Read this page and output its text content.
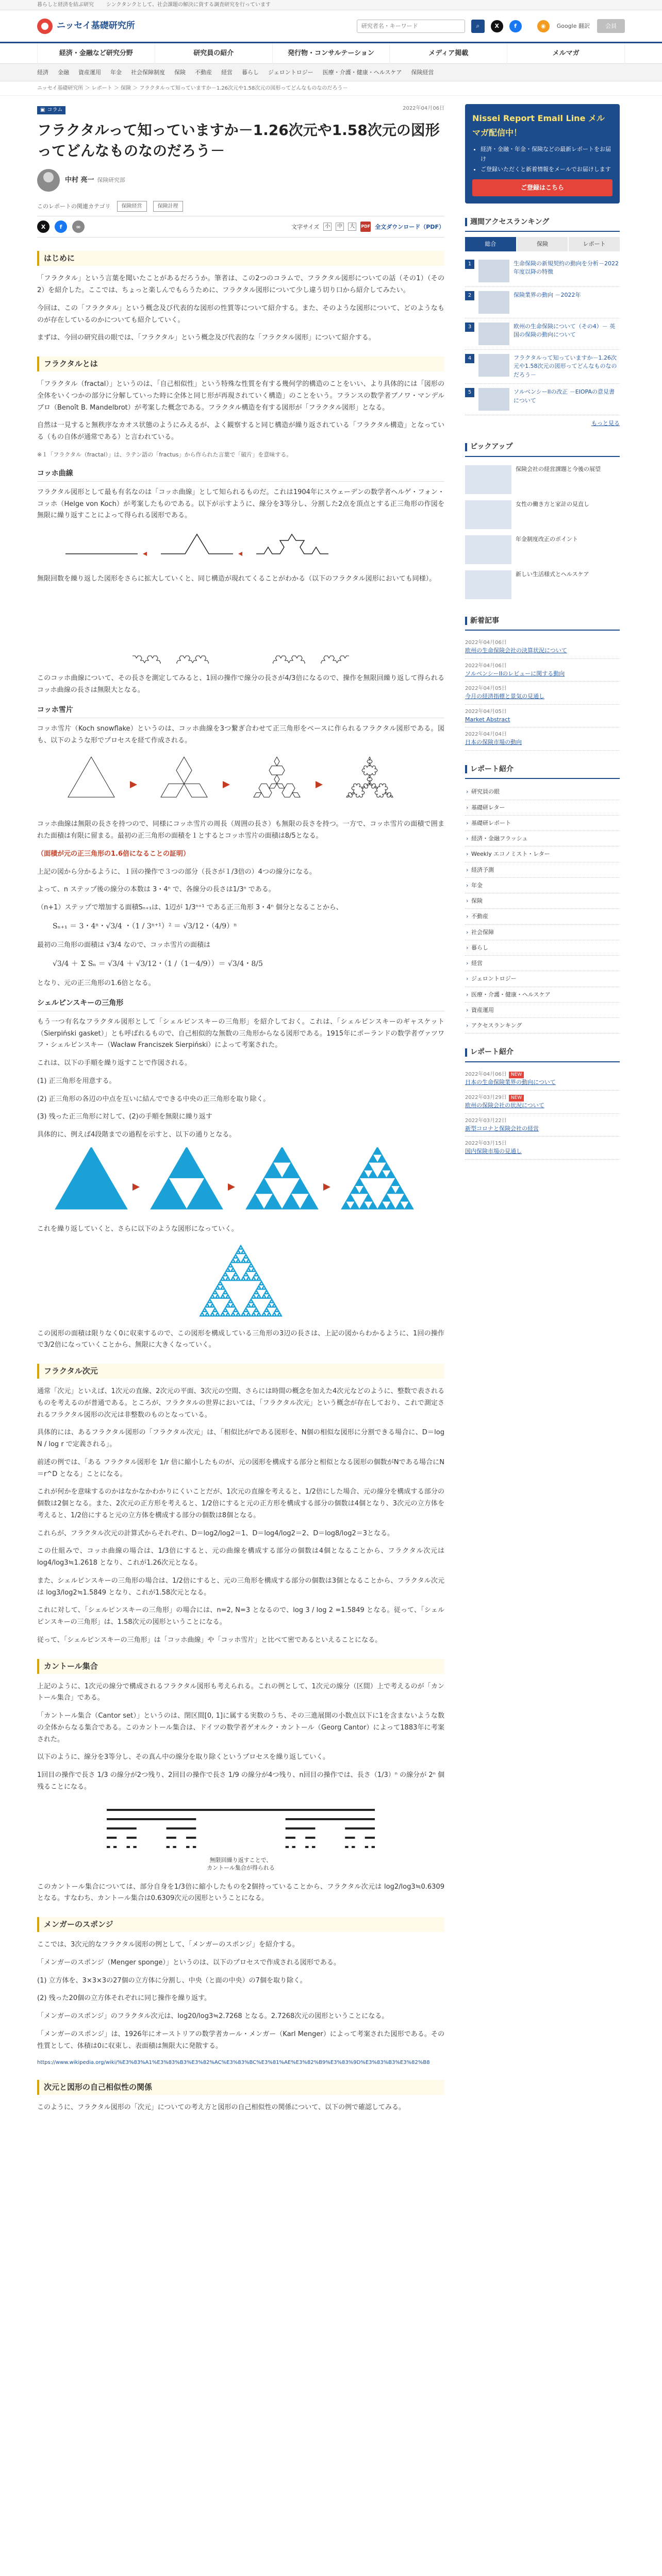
暮らしと経済を結ぶ研究 シンクタンクとして、社会課題の解決に資する調査研究を行っています
ニッセイ基礎研究所
研究者名・キーワード	⌕	X	f	◉	Google 翻訳	会員
経済・金融など研究分野	研究員の紹介	発行物・コンサルテーション	メディア掲載	メルマガ
経済 金融 資産運用 年金 社会保障制度 保険 不動産 経営 暮らし ジェロントロジー 医療・介護・健康・ヘルスケア 保険経営
ニッセイ基礎研究所 ＞ レポート ＞ 保険 ＞ フラクタルって知っていますか－1.26次元や1.58次元の図形ってどんなものなのだろう－
▣ コラム	2022年04月06日
フラクタルって知っていますか－1.26次元や1.58次元の図形ってどんなものなのだろう－
中村 亮一 保険研究部
このレポートの関連カテゴリ	保険経営	保険計理
X	f	∞	文字サイズ	小	中	大	PDF 全文ダウンロード（PDF）
はじめに

「フラクタル」という言葉を聞いたことがあるだろうか。筆者は、この2つのコラムで、フラクタル図形についての話（その1）（その2）を紹介した。ここでは、ちょっと楽しんでもらうために、フラクタル図形について少し違う切り口から紹介してみたい。

今回は、この「フラクタル」という概念及び代表的な図形の性質等について紹介する。また、そのような図形について、どのようなものが存在しているのかについても紹介していく。

まずは、今回の研究員の眼では、「フラクタル」という概念及び代表的な「フラクタル図形」について紹介する。

フラクタルとは

「フラクタル（fractal）」というのは、「自己相似性」という特殊な性質を有する幾何学的構造のことをいい、より具体的には「図形の全体をいくつかの部分に分解していった時に全体と同じ形が再現されていく構造」のことをいう。フランスの数学者ブノワ・マンデルブロ（Benoît B. Mandelbrot）が考案した概念である。フラクタル構造を有する図形が「フラクタル図形」となる。

自然は一見すると無秩序なカオス状態のようにみえるが、よく観察すると同じ構造が繰り返されている「フラクタル構造」となっている（もの自体が通常である）と言われている。

※１「フラクタル（fractal）」は、ラテン語の「fractus」から作られた言葉で「破片」を意味する。

コッホ曲線

フラクタル図形として最も有名なのは「コッホ曲線」として知られるものだ。これは1904年にスウェーデンの数学者ヘルゲ・フォン・コッホ（Helge von Koch）が考案したものである。以下が示すように、線分を3等分し、分割した2点を頂点とする正三角形の作図を無限に繰り返すことによって得られる図形である。

無限回数を繰り返した図形をさらに拡大していくと、同じ構造が現れてくることがわかる（以下のフラクタル図形においても同様）。

このコッホ曲線について、その長さを測定してみると、1回の操作で線分の長さが4/3倍になるので、操作を無限回繰り返して得られるコッホ曲線の長さは無限大となる。

コッホ雪片

コッホ雪片（Koch snowflake）というのは、コッホ曲線を3つ繋ぎ合わせて正三角形をベースに作られるフラクタル図形である。図も、以下のような形でプロセスを経て作成される。

コッホ曲線は無限の長さを持つので、同様にコッホ雪片の周長（周囲の長さ）も無限の長さを持つ。一方で、コッホ雪片の面積で囲まれた面積は有限に留まる。最初の正三角形の面積を１とするとコッホ雪片の面積は8/5となる。

（面積が元の正三角形の1.6倍になることの証明）

上記の図から分かるように、１回の操作で３つの部分（長さが１/3倍の）4つの線分になる。

よって、n ステップ後の線分の本数は 3・4ⁿ で、各線分の長さは1/3ⁿ である。

（n+1）ステップで増加する面積Sₙ₊₁は、1辺が 1/3ⁿ⁺¹ である正三角形 3・4ⁿ 個分となることから、

Sₙ₊₁ ＝ 3・4ⁿ・√3/4 ・（1 / 3ⁿ⁺¹）² ＝ √3/12・（4/9）ⁿ

最初の三角形の面積は √3/4 なので、コッホ雪片の面積は

√3/4 ＋ Σ Sₙ ＝ √3/4 ＋ √3/12・（1 /（1－4/9））＝ √3/4・8/5

となり、元の正三角形の1.6倍となる。

シェルピンスキーの三角形

もう一つ有名なフラクタル図形として「シェルピンスキーの三角形」を紹介しておく。これは、「シェルピンスキーのギャスケット（Sierpiński gasket）」とも呼ばれるもので、自己相似的な無数の三角形からなる図形である。1915年にポーランドの数学者ヴァツワフ・シェルピンスキー（Wacław Franciszek Sierpiński）によって考案された。

これは、以下の手順を繰り返すことで作図される。

(1) 正三角形を用意する。

(2) 正三角形の各辺の中点を互いに結んでできる中央の正三角形を取り除く。

(3) 残った正三角形に対して、(2)の手順を無限に繰り返す

具体的に、例えば4段階までの過程を示すと、以下の通りとなる。

これを繰り返していくと、さらに以下のような図形になっていく。

この図形の面積は限りなく0に収束するので、この図形を構成している三角形の3辺の長さは、上記の図からわかるように、1回の操作で3/2倍になっていくことから、無限に大きくなっていく。

フラクタル次元

通常「次元」といえば、1次元の直線、2次元の平面、3次元の空間、さらには時間の概念を加えた4次元などのように、整数で表されるものを考えるのが普通である。ところが、フラクタルの世界においては、「フラクタル次元」という概念が存在しており、これで測定されるフラクタル図形の次元は非整数のものとなっている。

具体的には、あるフラクタル図形の「フラクタル次元」は、「相似比がrである図形を、N個の相似な図形に分割できる場合に、D＝log N / log r で定義される」。

前述の例では、「ある フラクタル図形を 1/r 倍に縮小したものが、元の図形を構成する部分と相似となる図形の個数がNである場合にN＝r^D となる」ことになる。

これが何かを意味するのかはなかなかわかりにくいことだが、1次元の直線を考えると、1/2倍にした場合、元の線分を構成する部分の個数は2個となる。また、2次元の正方形を考えると、1/2倍にすると元の正方形を構成する部分の個数は4個となり、3次元の立方体を考えると、1/2倍にすると元の立方体を構成する部分の個数は8個となる。

これらが、フラクタル次元の計算式からそれぞれ、D＝log2/log2＝1、D＝log4/log2＝2、D＝log8/log2＝3となる。

この仕組みで、コッホ曲線の場合は、1/3倍にすると、元の曲線を構成する部分の個数は4個となることから、フラクタル次元は log4/log3≒1.2618 となり、これが1.26次元となる。

また、シェルピンスキーの三角形の場合は、1/2倍にすると、元の三角形を構成する部分の個数は3個となることから、フラクタル次元は log3/log2≒1.5849 となり、これが1.58次元となる。

これに対して、「シェルピンスキーの三角形」の場合には、n=2, N=3 となるので、log 3 / log 2 =1.5849 となる。従って、「シェルピンスキーの三角形」は、1.58次元の図形ということになる。

従って、「シェルピンスキーの三角形」は「コッホ曲線」や「コッホ雪片」と比べて密であるといえることになる。

カントール集合

上記のように、1次元の線分で構成されるフラクタル図形も考えられる。これの例として、1次元の線分（区間）上で考えるのが「カントール集合」である。

「カントール集合（Cantor set）」というのは、閉区間[0, 1]に属する実数のうち、その三進展開の小数点以下に1を含まないような数の全体からなる集合である。このカントール集合は、ドイツの数学者ゲオルク・カントール（Georg Cantor）によって1883年に考案された。

以下のように、線分を3等分し、その真ん中の線分を取り除くというプロセスを繰り返していく。

1回目の操作で長さ 1/3 の線分が2つ残り、2回目の操作で長さ 1/9 の線分が4つ残り、n回目の操作では、長さ（1/3）ⁿ の線分が 2ⁿ 個残ることになる。

無限回繰り返すことで、
カントール集合が得られる

このカントール集合については、部分自身を1/3倍に縮小したものを2個持っていることから、フラクタル次元は log2/log3≒0.6309 となる。すなわち、カントール集合は0.6309次元の図形ということになる。

メンガーのスポンジ

ここでは、3次元的なフラクタル図形の例として、「メンガーのスポンジ」を紹介する。

「メンガーのスポンジ（Menger sponge）」というのは、以下のプロセスで作成される図形である。

(1) 立方体を、3×3×3の27個の立方体に分割し、中央（と面の中央）の7個を取り除く。

(2) 残った20個の立方体それぞれに同じ操作を繰り返す。

「メンガーのスポンジ」のフラクタル次元は、log20/log3≒2.7268 となる。2.7268次元の図形ということになる。

「メンガーのスポンジ」は、1926年にオーストリアの数学者カール・メンガー（Karl Menger）によって考案された図形である。その性質として、体積は0に収束し、表面積は無限大に発散する。

https://www.wikipedia.org/wiki/%E3%83%A1%E3%83%B3%E3%82%AC%E3%83%BC%E3%81%AE%E3%82%B9%E3%83%9D%E3%83%B3%E3%82%B8
次元と図形の自己相似性の関係

このように、フラクタル図形の「次元」についての考え方と図形の自己相似性の関係について、以下の例で確認してみる。

Nissei Report Email Line メルマガ配信中！
• 経済・金融・年金・保険などの最新レポートをお届け
• ご登録いただくと新着情報をメールでお届けします
ご登録はこちら
週間アクセスランキング
総合	保険	レポート
1	生命保険の新規契約の動向を分析－2022年度以降の特徴
2	保険業界の動向 －2022年
3	欧州の生命保険について（その4）－ 英国の保険の動向について
4	フラクタルって知っていますか－1.26次元や1.58次元の図形ってどんなものなのだろう－
5	ソルベンシーIIの改正 －EIOPAの意見書について
もっと見る
ピックアップ
保険会社の経営課題と今後の展望
女性の働き方と家計の見直し
年金制度改正のポイント
新しい生活様式とヘルスケア
新着記事
2022年04月06日
欧州の生命保険会社の決算状況について
2022年04月06日
ソルベンシーIIのレビューに関する動向
2022年04月05日
今月の経済指標と景気の見通し
2022年04月05日
Market Abstract
2022年04月04日
日本の保険市場の動向
レポート紹介
› 研究員の眼
› 基礎研レター
› 基礎研レポート
› 経済・金融フラッシュ
› Weekly エコノミスト・レター
› 経済予測
› 年金
› 保険
› 不動産
› 社会保障
› 暮らし
› 経営
› ジェロントロジー
› 医療・介護・健康・ヘルスケア
› 資産運用
› アクセスランキング
レポート紹介
2022年04月06日 NEW
日本の生命保険業界の動向について
2022年03月29日 NEW
欧州の保険会社の状況について
2022年03月22日
新型コロナと保険会社の経営
2022年03月15日
国内保険市場の見通し
